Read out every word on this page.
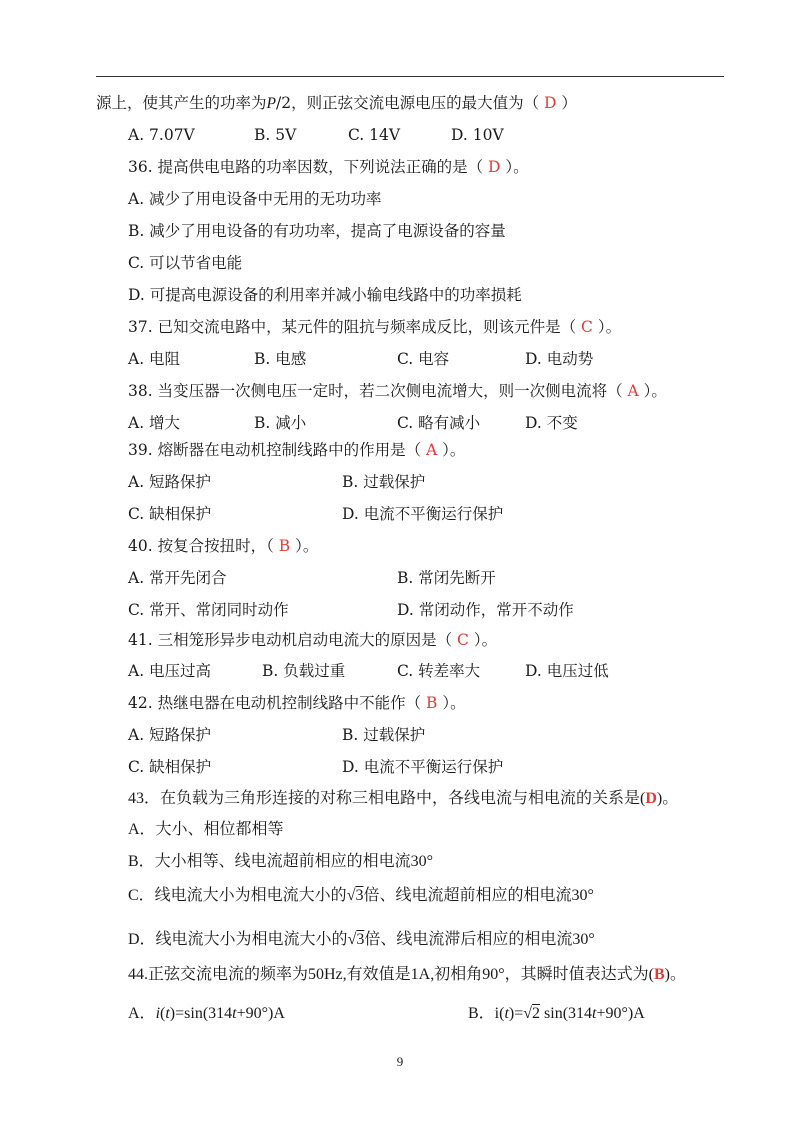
源上，使其产生的功率为P/2，则正弦交流电源电压的最大值为（ D ）
A. 7.07V	B. 5V	C. 14V	D. 10V
36. 提高供电电路的功率因数，下列说法正确的是（ D ）。
A. 减少了用电设备中无用的无功功率
B. 减少了用电设备的有功功率，提高了电源设备的容量
C. 可以节省电能
D. 可提高电源设备的利用率并减小输电线路中的功率损耗
37. 已知交流电路中，某元件的阻抗与频率成反比，则该元件是（ C ）。
A. 电阻	B. 电感	C. 电容	D. 电动势
38. 当变压器一次侧电压一定时，若二次侧电流增大，则一次侧电流将（ A ）。
A. 增大	B. 减小	C. 略有减小	D. 不变
39. 熔断器在电动机控制线路中的作用是（ A ）。
A. 短路保护	B. 过载保护
C. 缺相保护	D. 电流不平衡运行保护
40. 按复合按扭时，（ B ）。
A. 常开先闭合	B. 常闭先断开
C. 常开、常闭同时动作	D. 常闭动作，常开不动作
41. 三相笼形异步电动机启动电流大的原因是（ C ）。
A. 电压过高	B. 负载过重	C. 转差率大	D. 电压过低
42. 热继电器在电动机控制线路中不能作（ B ）。
A. 短路保护	B. 过载保护
C. 缺相保护	D. 电流不平衡运行保护
43．在负载为三角形连接的对称三相电路中，各线电流与相电流的关系是(D)。
A．大小、相位都相等
B．大小相等、线电流超前相应的相电流30°
C．线电流大小为相电流大小的√3倍、线电流超前相应的相电流30°
D．线电流大小为相电流大小的√3倍、线电流滞后相应的相电流30°
44.正弦交流电流的频率为50Hz,有效值是1A,初相角90°，其瞬时值表达式为(B)。
A．i(t)=sin(314t+90°)A	B．i(t)=√2 sin(314t+90°)A
9
